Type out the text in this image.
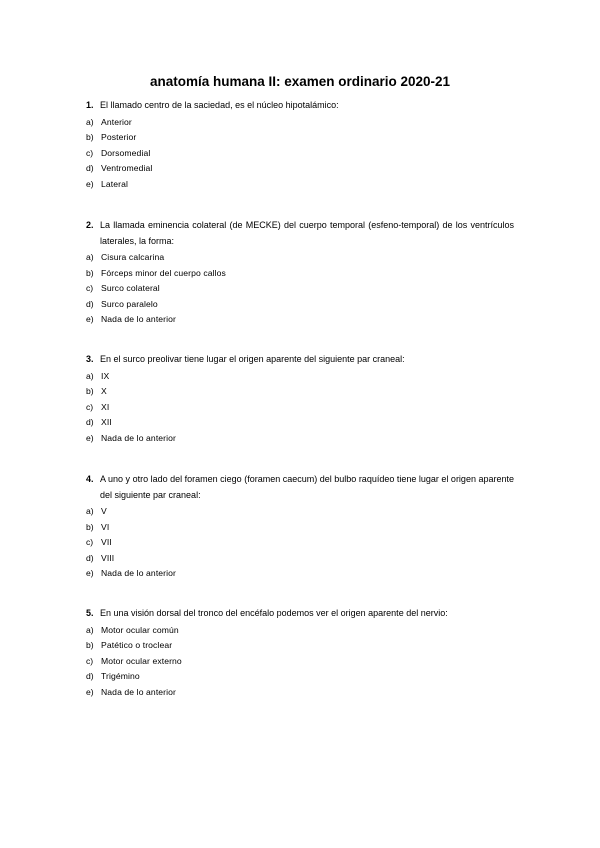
anatomía humana II: examen ordinario 2020-21
1. El llamado centro de la saciedad, es el núcleo hipotalámico:
a) Anterior
b) Posterior
c) Dorsomedial
d) Ventromedial
e) Lateral
2. La llamada eminencia colateral (de MECKE) del cuerpo temporal (esfeno-temporal) de los ventrículos laterales, la forma:
a) Cisura calcarina
b) Fórceps minor del cuerpo callos
c) Surco colateral
d) Surco paralelo
e) Nada de lo anterior
3. En el surco preolivar tiene lugar el origen aparente del siguiente par craneal:
a) IX
b) X
c) XI
d) XII
e) Nada de lo anterior
4. A uno y otro lado del foramen ciego (foramen caecum) del bulbo raquídeo tiene lugar el origen aparente del siguiente par craneal:
a) V
b) VI
c) VII
d) VIII
e) Nada de lo anterior
5. En una visión dorsal del tronco del encéfalo podemos ver el origen aparente del nervio:
a) Motor ocular común
b) Patético o troclear
c) Motor ocular externo
d) Trigémino
e) Nada de lo anterior
